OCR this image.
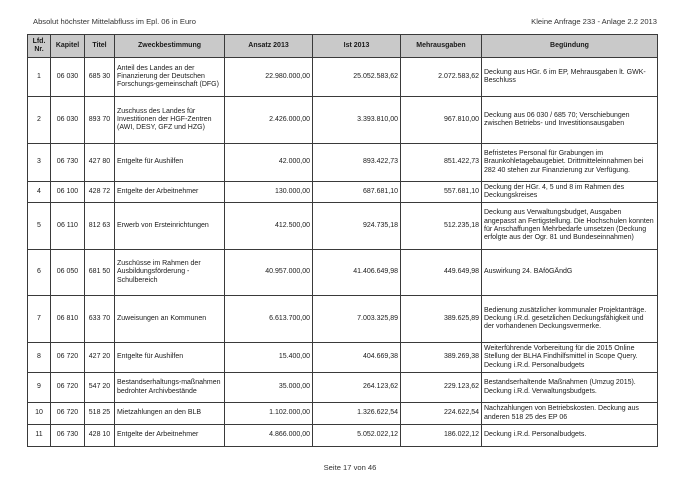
Absolut höchster Mittelabfluss im Epl. 06 in Euro	Kleine Anfrage 233 - Anlage 2.2 2013
Lfd. Nr.	Kapitel	Titel	Zweckbestimmung	Ansatz 2013	Ist 2013	Mehrausgaben	Begündung
1	06 030	685 30	Anteil des Landes an der Finanzierung der Deutschen Forschungs-gemeinschaft (DFG)	22.980.000,00	25.052.583,62	2.072.583,62	Deckung aus HGr. 6 im EP, Mehrausgaben lt. GWK-Beschluss
2	06 030	893 70	Zuschuss des Landes für Investitionen der HGF-Zentren (AWI, DESY, GFZ und HZG)	2.426.000,00	3.393.810,00	967.810,00	Deckung aus 06 030 / 685 70; Verschiebungen zwischen Betriebs- und Investitionsausgaben
3	06 730	427 80	Entgelte für Aushilfen	42.000,00	893.422,73	851.422,73	Befristetes Personal für Grabungen im Braunkohletagebaugebiet. Drittmitteleinnahmen bei 282 40 stehen zur Finanzierung zur Verfügung.
4	06 100	428 72	Entgelte der Arbeitnehmer	130.000,00	687.681,10	557.681,10	Deckung der HGr. 4, 5 und 8 im Rahmen des Deckungskreises
5	06 110	812 63	Erwerb von Ersteinrichtungen	412.500,00	924.735,18	512.235,18	Deckung aus Verwaltungsbudget, Ausgaben angepasst an Fertigstellung. Die Hochschulen konnten für Anschaffungen Mehrbedarfe umsetzen (Deckung erfolgte aus der Ogr. 81 und Bundeseinnahmen)
6	06 050	681 50	Zuschüsse im Rahmen der Ausbildungsförderung - Schulbereich	40.957.000,00	41.406.649,98	449.649,98	Auswirkung 24. BAföGÄndG
7	06 810	633 70	Zuweisungen an Kommunen	6.613.700,00	7.003.325,89	389.625,89	Bedienung zusätzlicher kommunaler Projektanträge. Deckung i.R.d. gesetzlichen Deckungsfähigkeit und der vorhandenen Deckungsvermerke.
8	06 720	427 20	Entgelte für Aushilfen	15.400,00	404.669,38	389.269,38	Weiterführende Vorbereitung für die 2015 Online Stellung der BLHA Findhilfsmittel in Scope Query. Deckung i.R.d. Personalbudgets
9	06 720	547 20	Bestandserhaltungs-maßnahmen bedrohter Archivbestände	35.000,00	264.123,62	229.123,62	Bestandserhaltende Maßnahmen (Umzug 2015). Deckung i.R.d. Verwaltungsbudgets.
10	06 720	518 25	Mietzahlungen an den BLB	1.102.000,00	1.326.622,54	224.622,54	Nachzahlungen von Betriebskosten. Deckung aus anderen 518 25 des EP 06
11	06 730	428 10	Entgelte der Arbeitnehmer	4.866.000,00	5.052.022,12	186.022,12	Deckung i.R.d. Personalbudgets.
Seite 17 von 46
